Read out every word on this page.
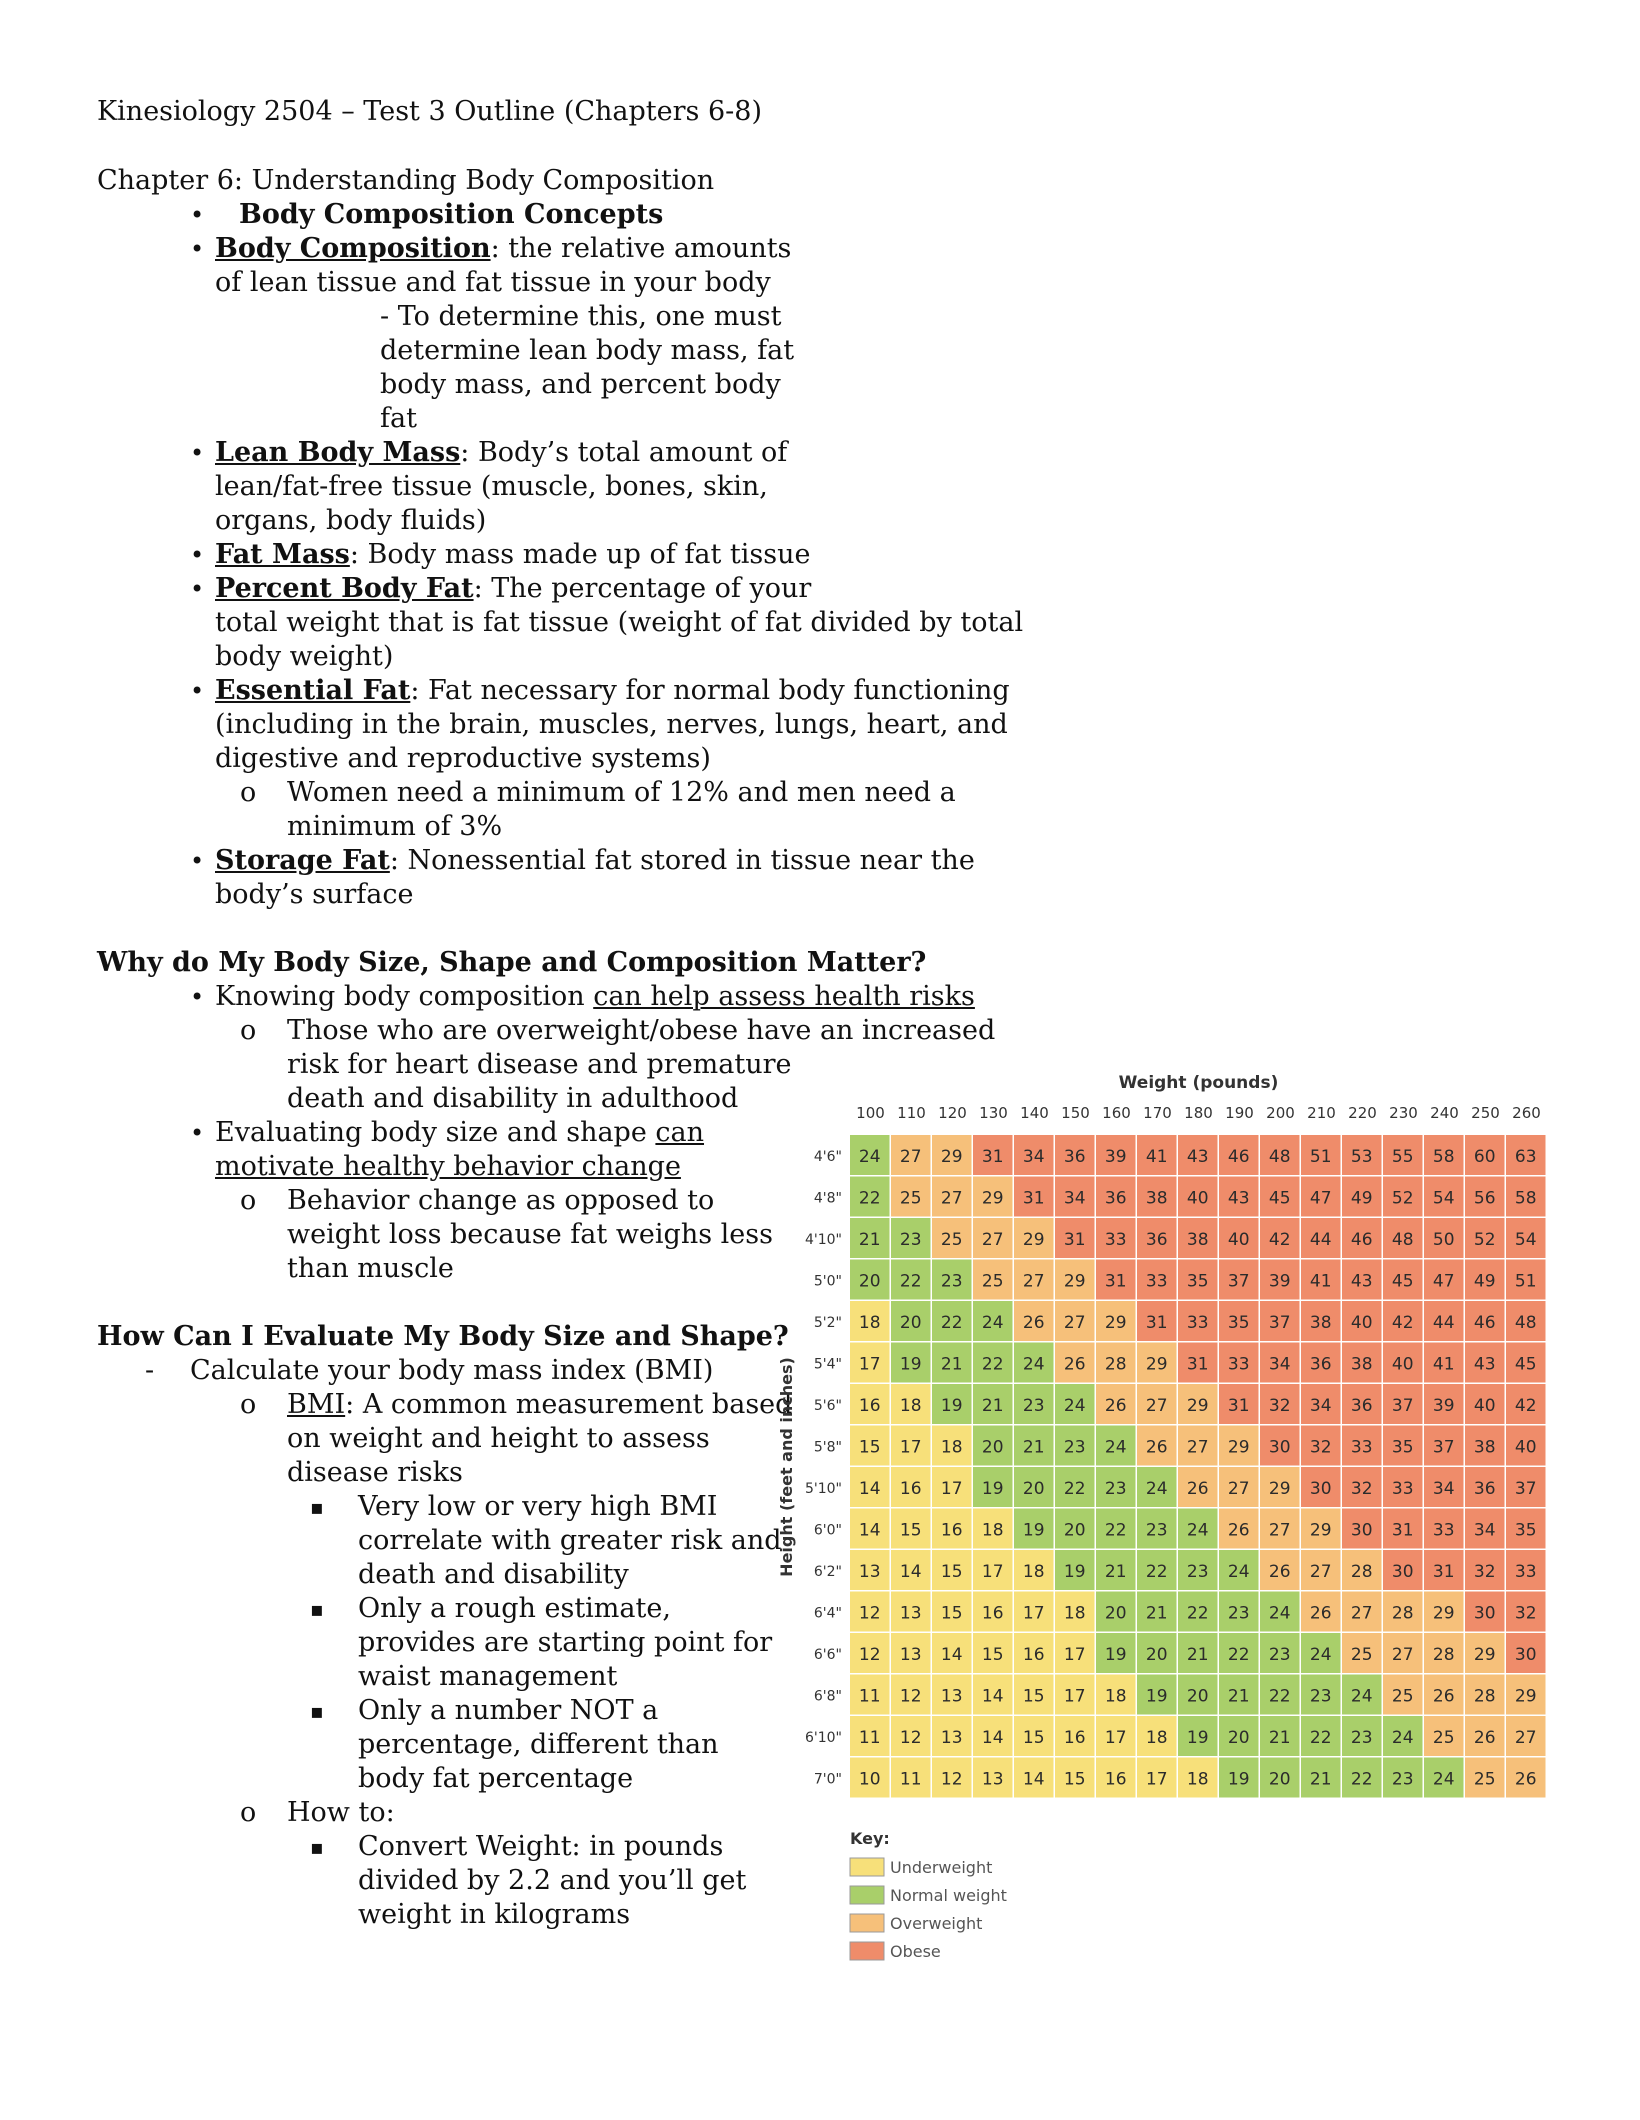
Kinesiology 2504 – Test 3 Outline (Chapters 6-8)
Chapter 6: Understanding Body Composition
• Body Composition Concepts
• Body Composition: the relative amounts
of lean tissue and fat tissue in your body
- To determine this, one must
determine lean body mass, fat
body mass, and percent body
fat
• Lean Body Mass: Body’s total amount of
lean/fat-free tissue (muscle, bones, skin,
organs, body fluids)
• Fat Mass: Body mass made up of fat tissue
• Percent Body Fat: The percentage of your
total weight that is fat tissue (weight of fat divided by total
body weight)
• Essential Fat: Fat necessary for normal body functioning
(including in the brain, muscles, nerves, lungs, heart, and
digestive and reproductive systems)
o Women need a minimum of 12% and men need a
minimum of 3%
• Storage Fat: Nonessential fat stored in tissue near the
body’s surface
Why do My Body Size, Shape and Composition Matter?
• Knowing body composition can help assess health risks
o Those who are overweight/obese have an increased
risk for heart disease and premature
death and disability in adulthood
• Evaluating body size and shape can
motivate healthy behavior change
o Behavior change as opposed to
weight loss because fat weighs less
than muscle
How Can I Evaluate My Body Size and Shape?
- Calculate your body mass index (BMI)
o BMI: A common measurement based
on weight and height to assess
disease risks
▪ Very low or very high BMI
correlate with greater risk and
death and disability
▪ Only a rough estimate,
provides are starting point for
waist management
▪ Only a number NOT a
percentage, different than
body fat percentage
o How to:
▪ Convert Weight: in pounds
divided by 2.2 and you’ll get
weight in kilograms
Weight (pounds)
100 110 120 130 140 150 160 170 180 190 200 210 220 230 240 250 260
Height (feet and inches)
4'6" 24 27 29 31 34 36 39 41 43 46 48 51 53 55 58 60 63
4'8" 22 25 27 29 31 34 36 38 40 43 45 47 49 52 54 56 58
4'10" 21 23 25 27 29 31 33 36 38 40 42 44 46 48 50 52 54
5'0" 20 22 23 25 27 29 31 33 35 37 39 41 43 45 47 49 51
5'2" 18 20 22 24 26 27 29 31 33 35 37 38 40 42 44 46 48
5'4" 17 19 21 22 24 26 28 29 31 33 34 36 38 40 41 43 45
5'6" 16 18 19 21 23 24 26 27 29 31 32 34 36 37 39 40 42
5'8" 15 17 18 20 21 23 24 26 27 29 30 32 33 35 37 38 40
5'10" 14 16 17 19 20 22 23 24 26 27 29 30 32 33 34 36 37
6'0" 14 15 16 18 19 20 22 23 24 26 27 29 30 31 33 34 35
6'2" 13 14 15 17 18 19 21 22 23 24 26 27 28 30 31 32 33
6'4" 12 13 15 16 17 18 20 21 22 23 24 26 27 28 29 30 32
6'6" 12 13 14 15 16 17 19 20 21 22 23 24 25 27 28 29 30
6'8" 11 12 13 14 15 17 18 19 20 21 22 23 24 25 26 28 29
6'10" 11 12 13 14 15 16 17 18 19 20 21 22 23 24 25 26 27
7'0" 10 11 12 13 14 15 16 17 18 19 20 21 22 23 24 25 26
Key:
Underweight
Normal weight
Overweight
Obese
